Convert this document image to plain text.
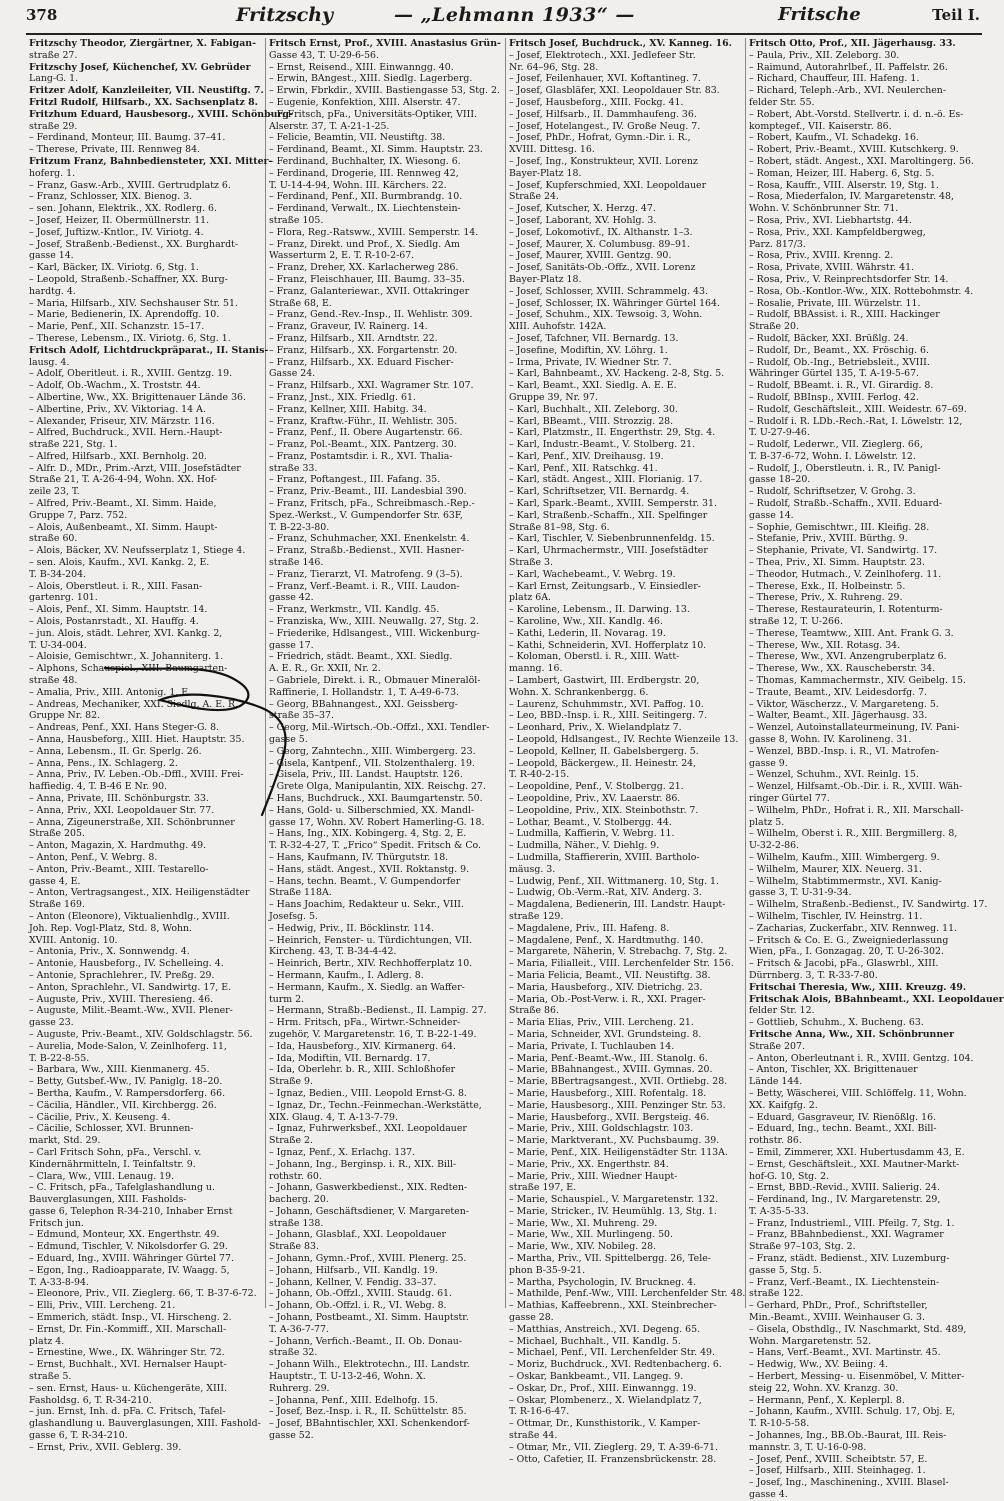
378	Fritzschy	— „Lehmann 1933“ —	Fritsche	Teil I.
Fritzschy Theodor, Ziergärtner, X. Fabigan-
straße 27.
Fritzschy Josef, Küchenchef, XV. Gebrüder
Lang-G. 1.
Fritzer Adolf, Kanzleileiter, VII. Neustiftg. 7.
Fritzl Rudolf, Hilfsarb., XX. Sachsenplatz 8.
Fritzhum Eduard, Hausbesorg., XVIII. Schönburg-
straße 29.
– Ferdinand, Monteur, III. Baumg. 37–41.
– Therese, Private, III. Rennweg 84.
Fritzum Franz, Bahnbediensteter, XXI. Mitter-
hoferg. 1.
– Franz, Gasw.-Arb., XVIII. Gertrudplatz 6.
– Franz, Schlosser, XIX. Bienog. 3.
– sen. Johann, Elektrik., XX. Rodlerg. 6.
– Josef, Heizer, II. Obermüllnerstr. 11.
– Josef, Juftizw.-Kntlor., IV. Viriotg. 4.
– Josef, Straßenb.-Bedienst., XX. Burghardt-
gasse 14.
– Karl, Bäcker, IX. Viriotg. 6, Stg. 1.
– Leopold, Straßenb.-Schaffner, XX. Burg-
hardtg. 4.
– Maria, Hilfsarb., XIV. Sechshauser Str. 51.
– Marie, Bedienerin, IX. Aprendoffg. 10.
– Marie, Penf., XII. Schanzstr. 15–17.
– Therese, Lebensm., IX. Viriotg. 6, Stg. 1.
Fritsch Adolf, Lichtdruckpräparat., II. Stanis-
lausg. 4.
– Adolf, Oberitleut. i. R., XVIII. Gentzg. 19.
– Adolf, Ob.-Wachm., X. Troststr. 44.
– Albertine, Ww., XX. Brigittenauer Lände 36.
– Albertine, Priv., XV. Viktoriag. 14 A.
– Alexander, Friseur, XIV. Märzstr. 116.
– Alfred, Buchdruck., XVII. Hern.-Haupt-
straße 221, Stg. 1.
– Alfred, Hilfsarb., XXI. Bernholg. 20.
– Alfr. D., MDr., Prim.-Arzt, VIII. Josefstädter
Straße 21, T. A-26-4-94, Wohn. XX. Hof-
zeile 23, T.
– Alfred, Priv.-Beamt., XI. Simm. Haide,
Gruppe 7, Parz. 752.
– Alois, Außenbeamt., XI. Simm. Haupt-
straße 60.
– Alois, Bäcker, XV. Neufsserplatz 1, Stiege 4.
– sen. Alois, Kaufm., XVI. Kankg. 2, E.
T. B-34-204.
– Alois, Oberstleut. i. R., XIII. Fasan-
gartenrg. 101.
– Alois, Penf., XI. Simm. Hauptstr. 14.
– Alois, Postanrstadt., XI. Hauffg. 4.
– jun. Alois, städt. Lehrer, XVI. Kankg. 2,
T. U-34-004.
– Aloisie, Gemischtwr., X. Johanniterg. 1.
– Alphons, Schauspiel., XIII. Baumgarten-
straße 48.
– Amalia, Priv., XIII. Antonig. 1, E.
– Andreas, Mechaniker, XXI. Siedlg. A. E. R.
Gruppe Nr. 82.
– Andreas, Penf., XXI. Hans Steger-G. 8.
– Anna, Hausbeforg., XIII. Hiet. Hauptstr. 35.
– Anna, Lebensm., II. Gr. Sperlg. 26.
– Anna, Pens., IX. Schlagerg. 2.
– Anna, Priv., IV. Leben.-Ob.-Dffl., XVIII. Frei-
haffiedig. 4, T. B-46 E Nr. 90.
– Anna, Private, III. Schönburgstr. 33.
– Anna, Priv., XXI. Leopoldauer Str. 77.
– Anna, Zigeunerstraße, XII. Schönbrunner
Straße 205.
– Anton, Magazin, X. Hardmuthg. 49.
– Anton, Penf., V. Webrg. 8.
– Anton, Priv.-Beamt., XIII. Testarello-
gasse 4, E.
– Anton, Vertragsangest., XIX. Heiligenstädter
Straße 169.
– Anton (Eleonore), Viktualienhdlg., XVIII.
Joh. Rep. Vogl-Platz, Std. 8, Wohn.
XVIII. Antonig. 10.
– Antonia, Priv., X. Sonnwendg. 4.
– Antonie, Hausbeforg., IV. Schelleing. 4.
– Antonie, Sprachlehrer., IV. Preßg. 29.
– Anton, Sprachlehr., VI. Sandwirtg. 17, E.
– Auguste, Priv., XVIII. Theresieng. 46.
– Auguste, Milit.-Beamt.-Ww., XVII. Plener-
gasse 23.
– Auguste, Priv.-Beamt., XIV. Goldschlagstr. 56.
– Aurelia, Mode-Salon, V. Zeinlhoferg. 11,
T. B-22-8-55.
– Barbara, Ww., XIII. Kienmanerg. 45.
– Betty, Gutsbef.-Ww., IV. Paniglg. 18–20.
– Bertha, Kaufm., V. Rampersdorferg. 66.
– Cäcilia, Händler., VII. Kirchbergg. 26.
– Cäcilie, Priv., X. Keuseng. 4.
– Cäcilie, Schlosser, XVI. Brunnen-
markt, Std. 29.
– Carl Fritsch Sohn, pFa., Verschl. v.
Kindernährmitteln, I. Teinfaltstr. 9.
– Clara, Ww., VIII. Lenaug. 19.
– C. Fritsch, pFa., Tafelglashandlung u.
Bauverglasungen, XIII. Fasholds-
gasse 6, Telephon R-34-210, Inhaber Ernst
Fritsch jun.
– Edmund, Monteur, XX. Engerthstr. 49.
– Edmund, Tischler, V. Nikolsdorfer G. 29.
– Eduard, Ing., XVIII. Währinger Gürtel 77.
– Egon, Ing., Radioapparate, IV. Waagg. 5,
T. A-33-8-94.
– Eleonore, Priv., VII. Zieglerg. 66, T. B-37-6-72.
– Elli, Priv., VIII. Lercheng. 21.
– Emmerich, städt. Insp., VI. Hirscheng. 2.
– Ernst, Dr. Fin.-Kommiff., XII. Marschall-
platz 4.
– Ernestine, Wwe., IX. Währinger Str. 72.
– Ernst, Buchhalt., XVI. Hernalser Haupt-
straße 5.
– sen. Ernst, Haus- u. Küchengeräte, XIII.
Fasholdsg. 6, T. R-34-210.
– jun. Ernst, Inh. d. pFa. C. Fritsch, Tafel-
glashandlung u. Bauverglasungen, XIII. Fashold-
gasse 6, T. R-34-210.
– Ernst, Priv., XVII. Geblerg. 39.
Fritsch Ernst, Prof., XVIII. Anastasius Grün-
Gasse 43, T. U-29-6-56.
– Ernst, Reisend., XIII. Einwanngg. 40.
– Erwin, BAngest., XIII. Siedlg. Lagerberg.
– Erwin, Fbrkdir., XVIII. Bastiengasse 53, Stg. 2.
– Eugenie, Konfektion, XIII. Alserstr. 47.
– F. Fritsch, pFa., Universitäts-Optiker, VIII.
Alserstr. 37, T. A-21-1-25.
– Felicie, Beamtin, VII. Neustiftg. 38.
– Ferdinand, Beamt., XI. Simm. Hauptstr. 23.
– Ferdinand, Buchhalter, IX. Wiesong. 6.
– Ferdinand, Drogerie, III. Rennweg 42,
T. U-14-4-94, Wohn. III. Kärchers. 22.
– Ferdinand, Penf., XII. Burmbrandg. 10.
– Ferdinand, Verwalt., IX. Liechtenstein-
straße 105.
– Flora, Reg.-Ratsww., XVIII. Semperstr. 14.
– Franz, Direkt. und Prof., X. Siedlg. Am
Wasserturm 2, E. T. R-10-2-67.
– Franz, Dreher, XX. Karlacherweg 286.
– Franz, Fleischhauer, III. Baumg. 33–35.
– Franz, Galanteriewar., XVII. Ottakringer
Straße 68, E.
– Franz, Gend.-Rev.-Insp., II. Wehlistr. 309.
– Franz, Graveur, IV. Rainerg. 14.
– Franz, Hilfsarb., XII. Arndtstr. 22.
– Franz, Hilfsarb., XX. Forgartenstr. 20.
– Franz, Hilfsarb., XX. Eduard Fischer-
Gasse 24.
– Franz, Hilfsarb., XXI. Wagramer Str. 107.
– Franz, Jnst., XIX. Friedlg. 61.
– Franz, Kellner, XIII. Habitg. 34.
– Franz, Kraftw.-Führ., II. Wehlistr. 305.
– Franz, Penf., II. Obere Augartenstr. 66.
– Franz, Pol.-Beamt., XIX. Pantzerg. 30.
– Franz, Postamtsdir. i. R., XVI. Thalia-
straße 33.
– Franz, Poftangest., III. Fafang. 35.
– Franz, Priv.-Beamt., III. Landesbial 390.
– Franz, Fritsch, pFa., Schreibmasch.-Rep.-
Spez.-Werkst., V. Gumpendorfer Str. 63F,
T. B-22-3-80.
– Franz, Schuhmacher, XXI. Enenkelstr. 4.
– Franz, Straßb.-Bedienst., XVII. Hasner-
straße 146.
– Franz, Tierarzt, VI. Matrofeng. 9 (3–5).
– Franz, Verf.-Beamt. i. R., VIII. Laudon-
gasse 42.
– Franz, Werkmstr., VII. Kandlg. 45.
– Franziska, Ww., XIII. Neuwallg. 27, Stg. 2.
– Friederike, Hdlsangest., VIII. Wickenburg-
gasse 17.
– Friedrich, städt. Beamt., XXI. Siedlg.
A. E. R., Gr. XXII, Nr. 2.
– Gabriele, Direkt. i. R., Obmauer Mineralöl-
Raffinerie, I. Hollandstr. 1, T. A-49-6-73.
– Georg, BBahnangest., XXI. Geissberg-
straße 35–37.
– Georg, Mil.-Wirtsch.-Ob.-Offzl., XXI. Tendler-
gasse 5.
– Georg, Zahntechn., XIII. Wimbergerg. 23.
– Gisela, Kantpenf., VII. Stolzenthalerg. 19.
– Gisela, Priv., III. Landst. Hauptstr. 126.
– Grete Olga, Manipulantin, XIX. Reischg. 27.
– Hans, Buchdruck., XXI. Baumgartenstr. 50.
– Hans, Gold- u. Silberschmied, XX. Mandl-
gasse 17, Wohn. XV. Robert Hamerling-G. 18.
– Hans, Ing., XIX. Kobingerg. 4, Stg. 2, E.
T. R-32-4-27, T. „Frico“ Spedit. Fritsch & Co.
– Hans, Kaufmann, IV. Thürgutstr. 18.
– Hans, städt. Angest., XVII. Roktanstg. 9.
– Hans, techn. Beamt., V. Gumpendorfer
Straße 118A.
– Hans Joachim, Redakteur u. Sekr., VIII.
Josefsg. 5.
– Hedwig, Priv., II. Böcklinstr. 114.
– Heinrich, Fenster- u. Türdichtungen, VII.
Kircheng. 43, T. B-34-4-42.
– Heinrich, Bertr., XIV. Rechhofferplatz 10.
– Hermann, Kaufm., I. Adlerg. 8.
– Hermann, Kaufm., X. Siedlg. an Waffer-
turm 2.
– Hermann, Straßb.-Bedienst., II. Lampig. 27.
– Hrm. Fritsch, pFa., Wirtwr.-Schneider-
zugehör, V. Margaretenstr. 16, T. B-22-1-49.
– Ida, Hausbeforg., XIV. Kirmanerg. 64.
– Ida, Modiftin, VII. Bernardg. 17.
– Ida, Oberlehr. b. R., XIII. Schloßhofer
Straße 9.
– Ignaz, Bedien., VIII. Leopold Ernst-G. 8.
– Ignaz, Dr., Techn.-Feinmechan.-Werkstätte,
XIX. Glaug. 4, T. A-13-7-79.
– Ignaz, Fuhrwerksbef., XXI. Leopoldauer
Straße 2.
– Ignaz, Penf., X. Erlachg. 137.
– Johann, Ing., Berginsp. i. R., XIX. Bill-
rothstr. 60.
– Johann, Gaswerkbedienst., XIX. Redten-
bacherg. 20.
– Johann, Geschäftsdiener, V. Margareten-
straße 138.
– Johann, Glasblaf., XXI. Leopoldauer
Straße 83.
– Johann, Gymn.-Prof., XVIII. Plenerg. 25.
– Johann, Hilfsarb., VII. Kandlg. 19.
– Johann, Kellner, V. Fendig. 33–37.
– Johann, Ob.-Offzl., XVIII. Staudg. 61.
– Johann, Ob.-Offzl. i. R., VI. Webg. 8.
– Johann, Postbeamt., XI. Simm. Hauptstr.
T. A-36-7-77.
– Johann, Verfich.-Beamt., II. Ob. Donau-
straße 32.
– Johann Wilh., Elektrotechn., III. Landstr.
Hauptstr., T. U-13-2-46, Wohn. X.
Ruhrerg. 29.
– Johanna, Penf., XIII. Edelhofg. 15.
– Josef, Bez.-Insp. i. R., II. Schüttelstr. 85.
– Josef, BBahntischler, XXI. Schenkendorf-
gasse 52.
Fritsch Josef, Buchdruck., XV. Kanneg. 16.
– Josef, Elektrotech., XXI. Jedlefeer Str.
Nr. 64–96, Stg. 28.
– Josef, Feilenhauer, XVI. Koftantineg. 7.
– Josef, Glasbläfer, XXI. Leopoldauer Str. 83.
– Josef, Hausbeforg., XIII. Fockg. 41.
– Josef, Hilfsarb., II. Dammhaufeng. 36.
– Josef, Hotelangest., IV. Große Neug. 7.
– Josef, PhDr., Hofrat, Gymn.-Dir. i. R.,
XVIII. Dittesg. 16.
– Josef, Ing., Konstrukteur, XVII. Lorenz
Bayer-Platz 18.
– Josef, Kupferschmied, XXI. Leopoldauer
Straße 24.
– Josef, Kutscher, X. Herzg. 47.
– Josef, Laborant, XV. Hohlg. 3.
– Josef, Lokomotivf., IX. Althanstr. 1–3.
– Josef, Maurer, X. Columbusg. 89–91.
– Josef, Maurer, XVIII. Gentzg. 90.
– Josef, Sanitäts-Ob.-Offz., XVII. Lorenz
Bayer-Platz 18.
– Josef, Schlosser, XVIII. Schrammelg. 43.
– Josef, Schlosser, IX. Währinger Gürtel 164.
– Josef, Schuhm., XIX. Tewsoig. 3, Wohn.
XIII. Auhofstr. 142A.
– Josef, Tafchner, VII. Bernardg. 13.
– Josefine, Modiftin, XV. Löhrg. 1.
– Irma, Private, IV. Wiedner Str. 7.
– Karl, Bahnbeamt., XV. Hackeng. 2-8, Stg. 5.
– Karl, Beamt., XXI. Siedlg. A. E. E.
Gruppe 39, Nr. 97.
– Karl, Buchhalt., XII. Zeleborg. 30.
– Karl, BBeamt., VIII. Strozzig. 28.
– Karl, Platzmstr., II. Engerthstr. 29, Stg. 4.
– Karl, Industr.-Beamt., V. Stolberg. 21.
– Karl, Penf., XIV. Dreihausg. 19.
– Karl, Penf., XII. Ratschkg. 41.
– Karl, städt. Angest., XIII. Florianig. 17.
– Karl, Schriftsetzer, VII. Bernardg. 4.
– Karl, Spark.-Beamt., XVIII. Semperstr. 31.
– Karl, Straßenb.-Schaffn., XII. Spelfinger
Straße 81–98, Stg. 6.
– Karl, Tischler, V. Siebenbrunnenfeldg. 15.
– Karl, Uhrmachermstr., VIII. Josefstädter
Straße 3.
– Karl, Wachebeamt., V. Webrg. 19.
– Karl Ernst, Zeitungsarb., V. Einsiedler-
platz 6A.
– Karoline, Lebensm., II. Darwing. 13.
– Karoline, Ww., XII. Kandlg. 46.
– Kathi, Lederin, II. Novarag. 19.
– Kathi, Schneiderin, XVI. Hofferplatz 10.
– Koloman, Oberstl. i. R., XIII. Watt-
manng. 16.
– Lambert, Gastwirt, III. Erdbergstr. 20,
Wohn. X. Schrankenbergg. 6.
– Laurenz, Schuhmmstr., XVI. Paffog. 10.
– Leo, BBD.-Insp. i. R., XIII. Seitingerg. 7.
– Leonhard, Priv., X. Wielandplatz 7.
– Leopold, Hdlsangest., IV. Rechte Wienzeile 13.
– Leopold, Kellner, II. Gabelsbergerg. 5.
– Leopold, Bäckergew., II. Heinestr. 24,
T. R-40-2-15.
– Leopoldine, Penf., V. Stolbergg. 21.
– Leopoldine, Priv., XV. Laaerstr. 86.
– Leopoldine, Priv., XIX. Steinbothstr. 7.
– Lothar, Beamt., V. Stolbergg. 44.
– Ludmilla, Kaffierin, V. Webrg. 11.
– Ludmilla, Näher., V. Diehlg. 9.
– Ludmilla, Staffiererin, XVIII. Bartholo-
mäusg. 3.
– Ludwig, Penf., XII. Wittmanerg. 10, Stg. 1.
– Ludwig, Ob.-Verm.-Rat, XIV. Anderg. 3.
– Magdalena, Bedienerin, III. Landstr. Haupt-
straße 129.
– Magdalene, Priv., III. Hafeng. 8.
– Magdalene, Penf., X. Hardtmuthg. 140.
– Margarete, Näherin, V. Strebachg. 7, Stg. 2.
– Maria, Filialleit., VIII. Lerchenfelder Str. 156.
– Maria Felicia, Beamt., VII. Neustiftg. 38.
– Maria, Hausbeforg., XIV. Dietrichg. 23.
– Maria, Ob.-Post-Verw. i. R., XXI. Prager-
Straße 86.
– Maria Elias, Priv., VIII. Lercheng. 21.
– Maria, Schneider, XVI. Grundsteing. 8.
– Maria, Private, I. Tuchlauben 14.
– Maria, Penf.-Beamt.-Ww., III. Stanolg. 6.
– Marie, BBahnangest., XVIII. Gymnas. 20.
– Marie, BBertragsangest., XVII. Ortliebg. 28.
– Marie, Hausbeforg., XIII. Rofentalg. 18.
– Marie, Hausbesorg., XIII. Penzinger Str. 53.
– Marie, Hausbeforg., XVII. Bergsteig. 46.
– Marie, Priv., XIII. Goldschlagstr. 103.
– Marie, Marktverant., XV. Puchsbaumg. 39.
– Marie, Penf., XIX. Heiligenstädter Str. 113A.
– Marie, Priv., XX. Engerthstr. 84.
– Marie, Priv., XIII. Wiedner Haupt-
straße 197, E.
– Marie, Schauspiel., V. Margaretenstr. 132.
– Marie, Stricker., IV. Heumühlg. 13, Stg. 1.
– Marie, Ww., XI. Muhreng. 29.
– Marie, Ww., XII. Murlingeng. 50.
– Marie, Ww., XIV. Nobileg. 28.
– Martha, Priv., VII. Spittelbergg. 26, Tele-
phon B-35-9-21.
– Martha, Psychologin, IV. Bruckneg. 4.
– Mathilde, Penf.-Ww., VIII. Lerchenfelder Str. 48.
– Mathias, Kaffeebrenn., XXI. Steinbrecher-
gasse 28.
– Matthias, Anstreich., XVI. Degeng. 65.
– Michael, Buchhalt., VII. Kandlg. 5.
– Michael, Penf., VII. Lerchenfelder Str. 49.
– Moriz, Buchdruck., XVI. Redtenbacherg. 6.
– Oskar, Bankbeamt., VII. Langeg. 9.
– Oskar, Dr., Prof., XIII. Einwanngg. 19.
– Oskar, Plombenerz., X. Wielandplatz 7,
T. R-16-6-47.
– Ottmar, Dr., Kunsthistorik., V. Kamper-
straße 44.
– Otmar, Mr., VII. Zieglerg. 29, T. A-39-6-71.
– Otto, Cafetier, II. Franzensbrückenstr. 28.
Fritsch Otto, Prof., XII. Jägerhausg. 33.
– Paula, Priv., XII. Zeleborg. 30.
– Raimund, Autorahrlbef., II. Paffelstr. 26.
– Richard, Chauffeur, III. Hafeng. 1.
– Richard, Teleph.-Arb., XVI. Neulerchen-
felder Str. 55.
– Robert, Abt.-Vorstd. Stellvertr. i. d. n.-ö. Es-
komptegef., VII. Kaiserstr. 86.
– Robert, Kaufm., VI. Schadekg. 16.
– Robert, Priv.-Beamt., XVIII. Kutschkerg. 9.
– Robert, städt. Angest., XXI. Maroltingerg. 56.
– Roman, Heizer, III. Haberg. 6, Stg. 5.
– Rosa, Kauffr., VIII. Alserstr. 19, Stg. 1.
– Rosa, Miederfalon, IV. Margaretenstr. 48,
Wohn. V. Schönbrunner Str. 71.
– Rosa, Priv., XVI. Liebhartstg. 44.
– Rosa, Priv., XXI. Kampfeldbergweg,
Parz. 817/3.
– Rosa, Priv., XVIII. Krenng. 2.
– Rosa, Private, XVIII. Währstr. 41.
– Rosa, Priv., V. Reinprechtsdorfer Str. 14.
– Rosa, Ob.-Kontlor.-Ww., XIX. Rottebohmstr. 4.
– Rosalie, Private, III. Würzelstr. 11.
– Rudolf, BBAssist. i. R., XIII. Hackinger
Straße 20.
– Rudolf, Bäcker, XXI. Brüßlg. 24.
– Rudolf, Dr., Beamt., XX. Fröschig. 6.
– Rudolf, Ob.-Ing., Betriebsleit., XVIII.
Währinger Gürtel 135, T. A-19-5-67.
– Rudolf, BBeamt. i. R., VI. Girardig. 8.
– Rudolf, BBInsp., XVIII. Ferlog. 42.
– Rudolf, Geschäftsleit., XIII. Weidestr. 67–69.
– Rudolf i. R. LDb.-Rech.-Rat, I. Löwelstr. 12,
T. U-27-9-46.
– Rudolf, Lederwr., VII. Zieglerg. 66,
T. B-37-6-72, Wohn. I. Löwelstr. 12.
– Rudolf, J., Oberstleutn. i. R., IV. Panigl-
gasse 18–20.
– Rudolf, Schriftsetzer, V. Grohg. 3.
– Rudolf, Straßb.-Schaffn., XVII. Eduard-
gasse 14.
– Sophie, Gemischtwr., III. Kleifig. 28.
– Stefanie, Priv., XVIII. Bürthg. 9.
– Stephanie, Private, VI. Sandwirtg. 17.
– Thea, Priv., XI. Simm. Hauptstr. 23.
– Theodor, Hutmach., V. Zeinlhoferg. 11.
– Therese, Exk., II. Holbeinstr. 5.
– Therese, Priv., X. Ruhreng. 29.
– Therese, Restaurateurin, I. Rotenturm-
straße 12, T. U-266.
– Therese, Teamtww., XIII. Ant. Frank G. 3.
– Therese, Ww., XII. Rotasg. 34.
– Therese, Ww., XVI. Anzengruberplatz 6.
– Therese, Ww., XX. Rauscheberstr. 34.
– Thomas, Kammachermstr., XIV. Geibelg. 15.
– Traute, Beamt., XIV. Leidesdorfg. 7.
– Viktor, Wäscherzz., V. Margareteng. 5.
– Walter, Beamt., XII. Jägerhausg. 33.
– Wenzel, Autoinstallateurmeinung, IV. Pani-
gasse 8, Wohn. IV. Karolineng. 31.
– Wenzel, BBD.-Insp. i. R., VI. Matrofen-
gasse 9.
– Wenzel, Schuhm., XVI. Reinlg. 15.
– Wenzel, Hilfsamt.-Ob.-Dir. i. R., XVIII. Wäh-
ringer Gürtel 77.
– Wilhelm, PhDr., Hofrat i. R., XII. Marschall-
platz 5.
– Wilhelm, Oberst i. R., XIII. Bergmillerg. 8,
U-32-2-86.
– Wilhelm, Kaufm., XIII. Wimbergerg. 9.
– Wilhelm, Maurer, XIX. Neuerg. 31.
– Wilhelm, Stabtimmermstr., XVI. Kanig-
gasse 3, T. U-31-9-34.
– Wilhelm, Straßenb.-Bedienst., IV. Sandwirtg. 17.
– Wilhelm, Tischler, IV. Heinstrg. 11.
– Zacharias, Zuckerfabr., XIV. Rennweg. 11.
– Fritsch & Co. E. G., Zweigniederlassung
Wien, pFa., I. Gonzagag. 20, T. U-26-302.
– Fritsch & Jacobi, pFa., Glaswrbl., XIII.
Dürrnberg. 3, T. R-33-7-80.
Fritschai Theresia, Ww., XIII. Kreuzg. 49.
Fritschak Alois, BBahnbeamt., XXI. Leopoldauer
felder Str. 12.
– Gottlieb, Schuhm., X. Bucheng. 63.
Fritsche Anna, Ww., XII. Schönbrunner
Straße 207.
– Anton, Oberleutnant i. R., XVIII. Gentzg. 104.
– Anton, Tischler, XX. Brigittenauer
Lände 144.
– Betty, Wäscherei, VIII. Schlöffelg. 11, Wohn.
XX. Kaifgfg. 2.
– Eduard, Gasgraveur, IV. Rienößlg. 16.
– Eduard, Ing., techn. Beamt., XXI. Bill-
rothstr. 86.
– Emil, Zimmerer, XXI. Hubertusdamm 43, E.
– Ernst, Geschäftsleit., XXI. Mautner-Markt-
hof-G. 10, Stg. 2.
– Ernst, BBD.-Revid., XVIII. Salierig. 24.
– Ferdinand, Ing., IV. Margaretenstr. 29,
T. A-35-5-33.
– Franz, Industrieml., VIII. Pfeilg. 7, Stg. 1.
– Franz, BBahnbedienst., XXI. Wagramer
Straße 97–103, Stg. 2.
– Franz, städt. Bedienst., XIV. Luzemburg-
gasse 5, Stg. 5.
– Franz, Verf.-Beamt., IX. Liechtenstein-
straße 122.
– Gerhard, PhDr., Prof., Schriftsteller,
Min.-Beamt., XVIII. Weinhauser G. 3.
– Gisela, Obsthdlg., IV. Naschmarkt, Std. 489,
Wohn. Margaretenstr. 52.
– Hans, Verf.-Beamt., XVI. Martinstr. 45.
– Hedwig, Ww., XV. Beiing. 4.
– Herbert, Messing- u. Eisenmöbel, V. Mitter-
steig 22, Wohn. XV. Kranzg. 30.
– Hermann, Penf., X. Keplerpl. 8.
– Johann, Kaufm., XVIII. Schulg. 17, Obj. E,
T. R-10-5-58.
– Johannes, Ing., BB.Ob.-Baurat, III. Reis-
mannstr. 3, T. U-16-0-98.
– Josef, Penf., XVIII. Scheibtstr. 57, E.
– Josef, Hilfsarb., XIII. Steinhageg. 1.
– Josef, Ing., Maschinening., XVIII. Blasel-
gasse 4.
